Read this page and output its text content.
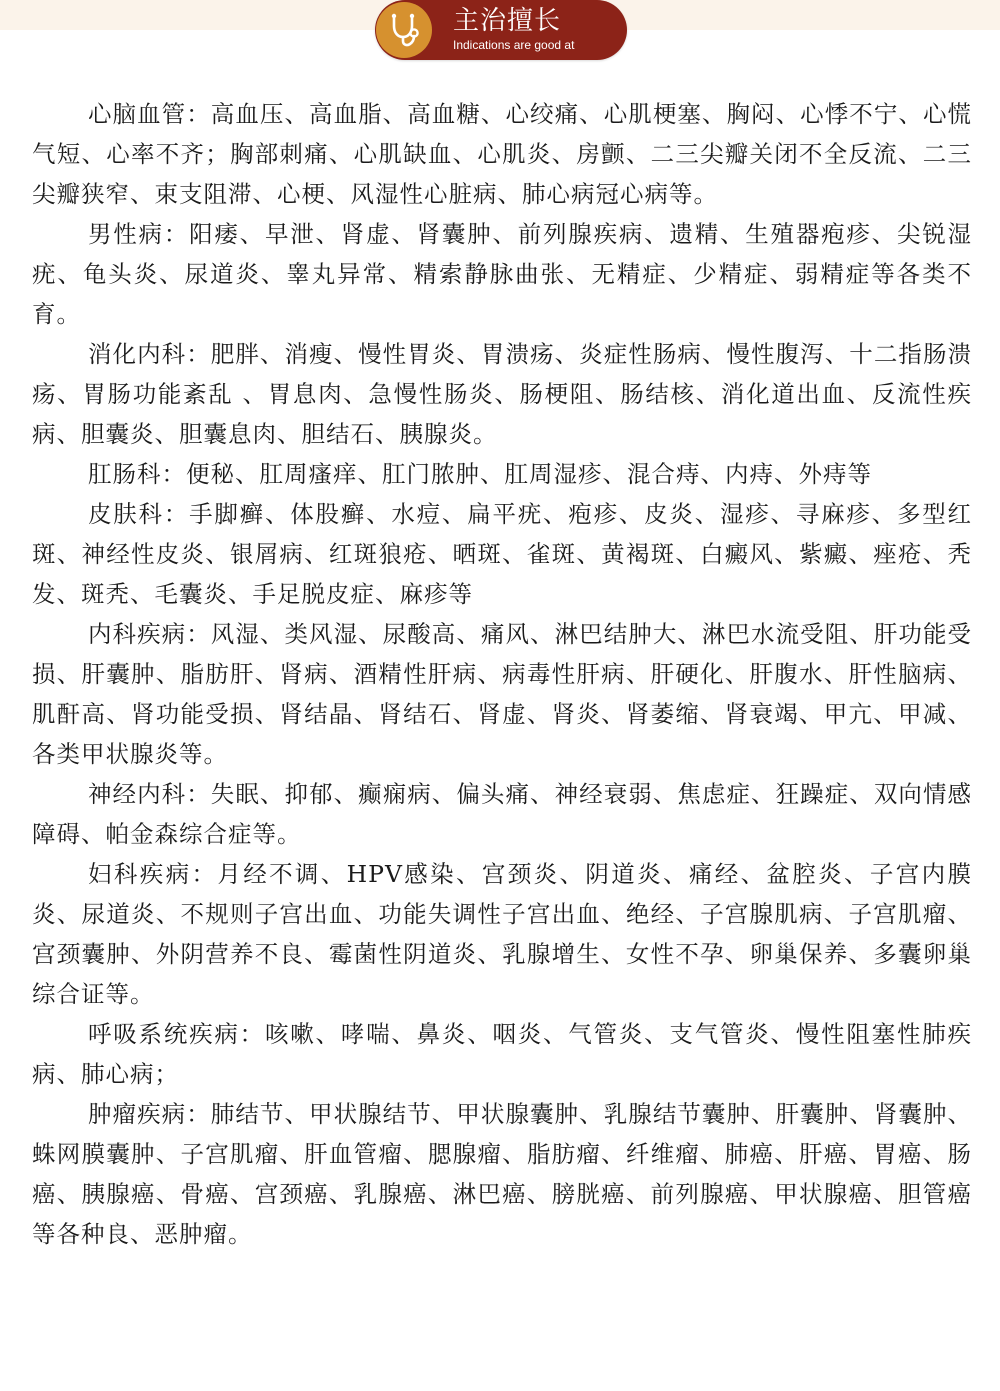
主治擅长
Indications are good at

心脑血管：高血压、高血脂、高血糖、心绞痛、心肌梗塞、胸闷、心悸不宁、心慌气短、心率不齐；胸部刺痛、心肌缺血、心肌炎、房颤、二三尖瓣关闭不全反流、二三尖瓣狭窄、束支阻滞、心梗、风湿性心脏病、肺心病冠心病等。

男性病：阳痿、早泄、肾虚、肾囊肿、前列腺疾病、遗精、生殖器疱疹、尖锐湿疣、龟头炎、尿道炎、睾丸异常、精索静脉曲张、无精症、少精症、弱精症等各类不育。

消化内科：肥胖、消瘦、慢性胃炎、胃溃疡、炎症性肠病、慢性腹泻、十二指肠溃疡、胃肠功能紊乱 、胃息肉、急慢性肠炎、肠梗阻、肠结核、消化道出血、反流性疾病、胆囊炎、胆囊息肉、胆结石、胰腺炎。

肛肠科：便秘、肛周瘙痒、肛门脓肿、肛周湿疹、混合痔、内痔、外痔等

皮肤科：手脚癣、体股癣、水痘、扁平疣、疱疹、皮炎、湿疹、寻麻疹、多型红斑、神经性皮炎、银屑病、红斑狼疮、晒斑、雀斑、黄褐斑、白癜风、紫癜、痤疮、秃发、斑秃、毛囊炎、手足脱皮症、麻疹等

内科疾病：风湿、类风湿、尿酸高、痛风、淋巴结肿大、淋巴水流受阻、肝功能受损、肝囊肿、脂肪肝、肾病、酒精性肝病、病毒性肝病、肝硬化、肝腹水、肝性脑病、肌酐高、肾功能受损、肾结晶、肾结石、肾虚、肾炎、肾萎缩、肾衰竭、甲亢、甲减、各类甲状腺炎等。

神经内科：失眠、抑郁、癫痫病、偏头痛、神经衰弱、焦虑症、狂躁症、双向情感障碍、帕金森综合症等。

妇科疾病：月经不调、HPV感染、宫颈炎、阴道炎、痛经、盆腔炎、子宫内膜炎、尿道炎、不规则子宫出血、功能失调性子宫出血、绝经、子宫腺肌病、子宫肌瘤、宫颈囊肿、外阴营养不良、霉菌性阴道炎、乳腺增生、女性不孕、卵巢保养、多囊卵巢综合证等。

呼吸系统疾病：咳嗽、哮喘、鼻炎、咽炎、气管炎、支气管炎、慢性阻塞性肺疾病、肺心病；

肿瘤疾病：肺结节、甲状腺结节、甲状腺囊肿、乳腺结节囊肿、肝囊肿、肾囊肿、蛛网膜囊肿、子宫肌瘤、肝血管瘤、腮腺瘤、脂肪瘤、纤维瘤、肺癌、肝癌、胃癌、肠癌、胰腺癌、骨癌、宫颈癌、乳腺癌、淋巴癌、膀胱癌、前列腺癌、甲状腺癌、胆管癌等各种良、恶肿瘤。
